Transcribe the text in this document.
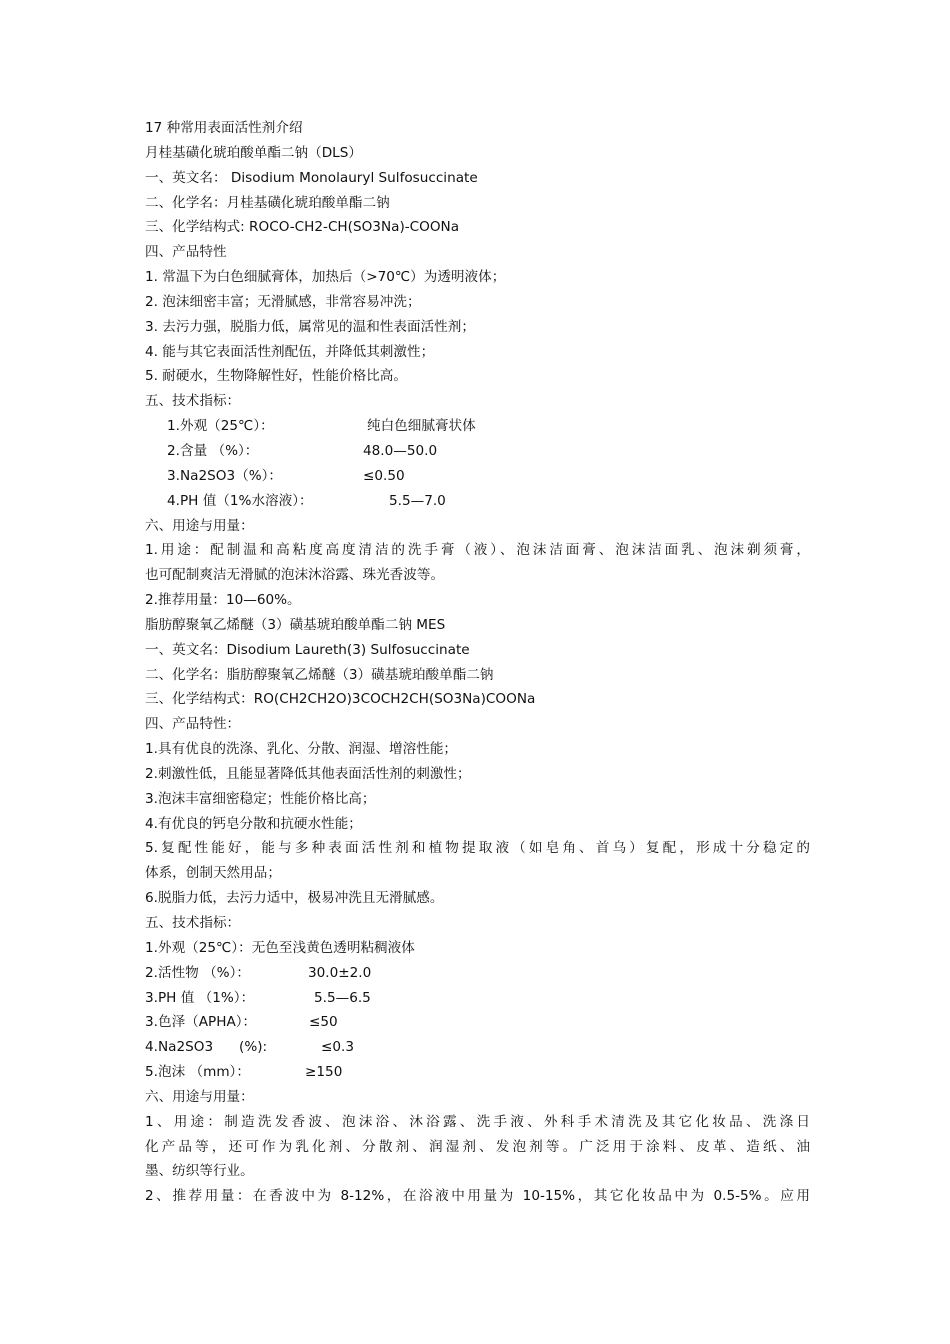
17 种常用表面活性剂介绍
月桂基磺化琥珀酸单酯二钠（DLS）
一、英文名： Disodium Monolauryl Sulfosuccinate
二、化学名：月桂基磺化琥珀酸单酯二钠
三、化学结构式: ROCO-CH2-CH(SO3Na)-COONa
四、产品特性
1. 常温下为白色细腻膏体，加热后（>70℃）为透明液体；
2. 泡沫细密丰富；无滑腻感，非常容易冲洗；
3. 去污力强，脱脂力低，属常见的温和性表面活性剂；
4. 能与其它表面活性剂配伍，并降低其刺激性；
5. 耐硬水，生物降解性好，性能价格比高。
五、技术指标：
1.外观（25℃）：	纯白色细腻膏状体
2.含量 （%）：	48.0—50.0
3.Na2SO3（%）：	≤0.50
4.PH 值（1%水溶液）：	5.5—7.0
六、用途与用量：
1.用途：配制温和高粘度高度清洁的洗手膏（液）、泡沫洁面膏、泡沫洁面乳、泡沫剃须膏，
也可配制爽洁无滑腻的泡沫沐浴露、珠光香波等。
2.推荐用量：10—60%。
脂肪醇聚氧乙烯醚（3）磺基琥珀酸单酯二钠 MES
一、英文名：Disodium Laureth(3) Sulfosuccinate
二、化学名：脂肪醇聚氧乙烯醚（3）磺基琥珀酸单酯二钠
三、化学结构式：RO(CH2CH2O)3COCH2CH(SO3Na)COONa
四、产品特性：
1.具有优良的洗涤、乳化、分散、润湿、增溶性能；
2.刺激性低，且能显著降低其他表面活性剂的刺激性；
3.泡沫丰富细密稳定；性能价格比高；
4.有优良的钙皂分散和抗硬水性能；
5.复配性能好，能与多种表面活性剂和植物提取液（如皂角、首乌）复配，形成十分稳定的
体系，创制天然用品；
6.脱脂力低，去污力适中，极易冲洗且无滑腻感。
五、技术指标：
1.外观（25℃）：无色至浅黄色透明粘稠液体
2.活性物 （%）：	30.0±2.0
3.PH 值 （1%）：	5.5—6.5
3.色泽（APHA）：	≤50
4.Na2SO3      (%):	≤0.3
5.泡沫 （mm）：	≥150
六、用途与用量：
1、用途：制造洗发香波、泡沫浴、沐浴露、洗手液、外科手术清洗及其它化妆品、洗涤日
化产品等，还可作为乳化剂、分散剂、润湿剂、发泡剂等。广泛用于涂料、皮革、造纸、油
墨、纺织等行业。
2、推荐用量：在香波中为 8-12%，在浴液中用量为 10-15%，其它化妆品中为 0.5-5%。应用
